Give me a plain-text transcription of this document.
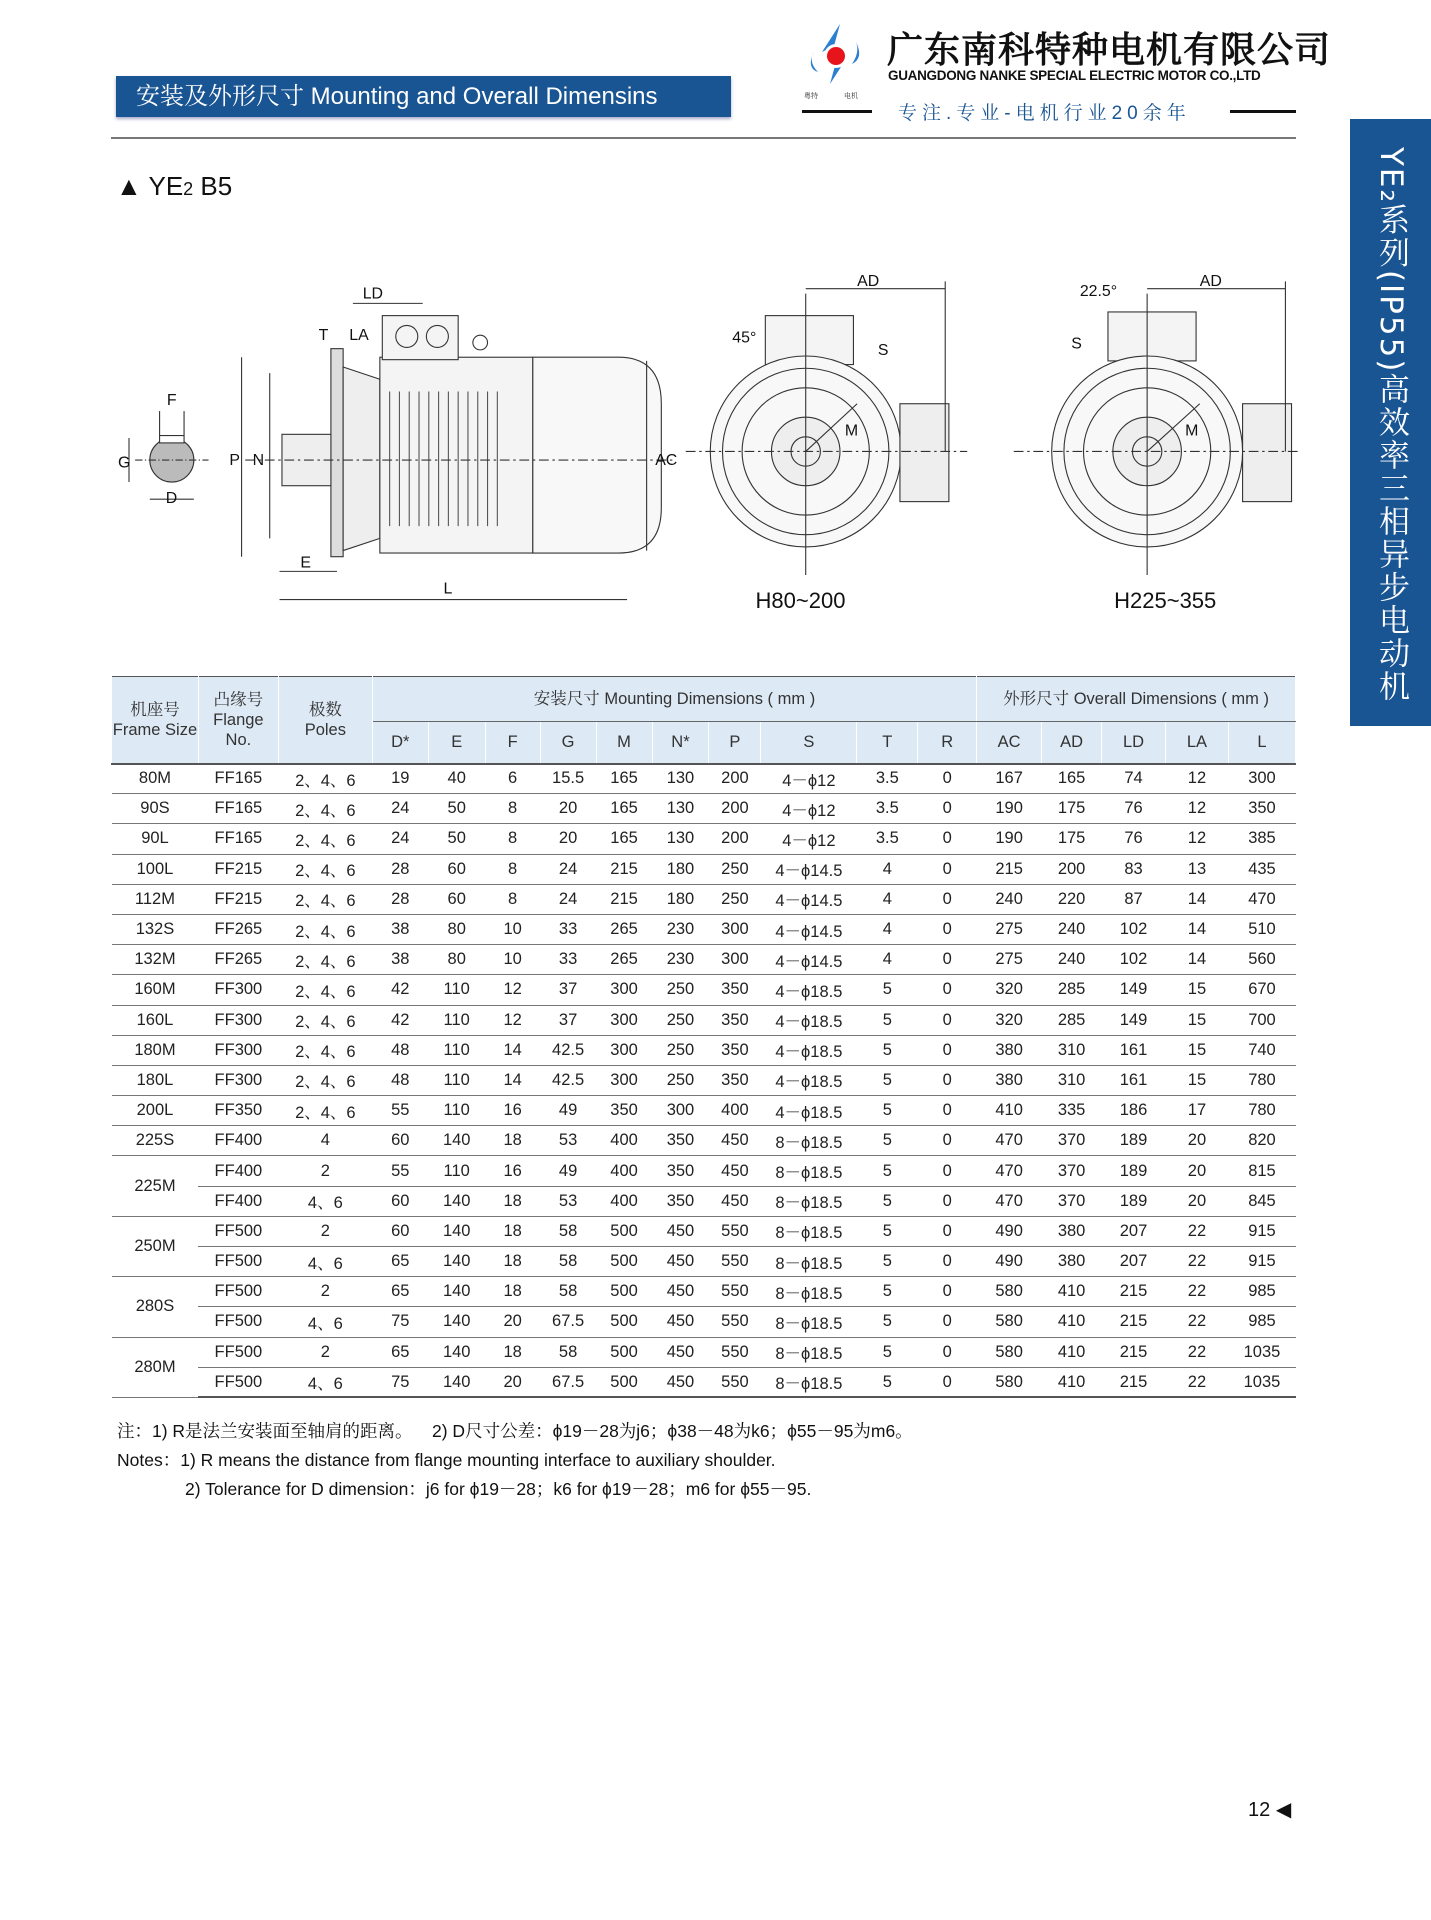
安装及外形尺寸 Mounting and Overall Dimensins	粤特	电机
广东南科特种电机有限公司
GUANGDONG NANKE SPECIAL ELECTRIC MOTOR CO.,LTD
专注.专业-电机行业20余年
YE₂系列(IP55)高效率三相异步电动机
▲ YE2 B5
F
G
D
LD
T LA
P N
E
L
AC
AD
45°
S
M
H80~200
AD
22.5°
S
M
H225~355
机座号
Frame Size	凸缘号
Flange
No.	极数
Poles	安装尺寸 Mounting Dimensions ( mm )										外形尺寸 Overall Dimensions ( mm )				
			D*	E	F	G	M	N*	P	S	T	R	AC	AD	LD	LA	L
80M	FF165	2、4、6	19	40	6	15.5	165	130	200	4－ϕ12	3.5	0	167	165	74	12	300
90S	FF165	2、4、6	24	50	8	20	165	130	200	4－ϕ12	3.5	0	190	175	76	12	350
90L	FF165	2、4、6	24	50	8	20	165	130	200	4－ϕ12	3.5	0	190	175	76	12	385
100L	FF215	2、4、6	28	60	8	24	215	180	250	4－ϕ14.5	4	0	215	200	83	13	435
112M	FF215	2、4、6	28	60	8	24	215	180	250	4－ϕ14.5	4	0	240	220	87	14	470
132S	FF265	2、4、6	38	80	10	33	265	230	300	4－ϕ14.5	4	0	275	240	102	14	510
132M	FF265	2、4、6	38	80	10	33	265	230	300	4－ϕ14.5	4	0	275	240	102	14	560
160M	FF300	2、4、6	42	110	12	37	300	250	350	4－ϕ18.5	5	0	320	285	149	15	670
160L	FF300	2、4、6	42	110	12	37	300	250	350	4－ϕ18.5	5	0	320	285	149	15	700
180M	FF300	2、4、6	48	110	14	42.5	300	250	350	4－ϕ18.5	5	0	380	310	161	15	740
180L	FF300	2、4、6	48	110	14	42.5	300	250	350	4－ϕ18.5	5	0	380	310	161	15	780
200L	FF350	2、4、6	55	110	16	49	350	300	400	4－ϕ18.5	5	0	410	335	186	17	780
225S	FF400	4	60	140	18	53	400	350	450	8－ϕ18.5	5	0	470	370	189	20	820
225M	FF400	2	55	110	16	49	400	350	450	8－ϕ18.5	5	0	470	370	189	20	815
	FF400	4、6	60	140	18	53	400	350	450	8－ϕ18.5	5	0	470	370	189	20	845
250M	FF500	2	60	140	18	58	500	450	550	8－ϕ18.5	5	0	490	380	207	22	915
	FF500	4、6	65	140	18	58	500	450	550	8－ϕ18.5	5	0	490	380	207	22	915
280S	FF500	2	65	140	18	58	500	450	550	8－ϕ18.5	5	0	580	410	215	22	985
	FF500	4、6	75	140	20	67.5	500	450	550	8－ϕ18.5	5	0	580	410	215	22	985
280M	FF500	2	65	140	18	58	500	450	550	8－ϕ18.5	5	0	580	410	215	22	1035
	FF500	4、6	75	140	20	67.5	500	450	550	8－ϕ18.5	5	0	580	410	215	22	1035
注：1) R是法兰安装面至轴肩的距离。    2) D尺寸公差：ϕ19－28为j6；ϕ38－48为k6；ϕ55－95为m6。
Notes：1) R means the distance from flange mounting interface to auxiliary shoulder.
2) Tolerance for D dimension：j6 for ϕ19－28；k6 for ϕ19－28；m6 for ϕ55－95.
12 ◀
